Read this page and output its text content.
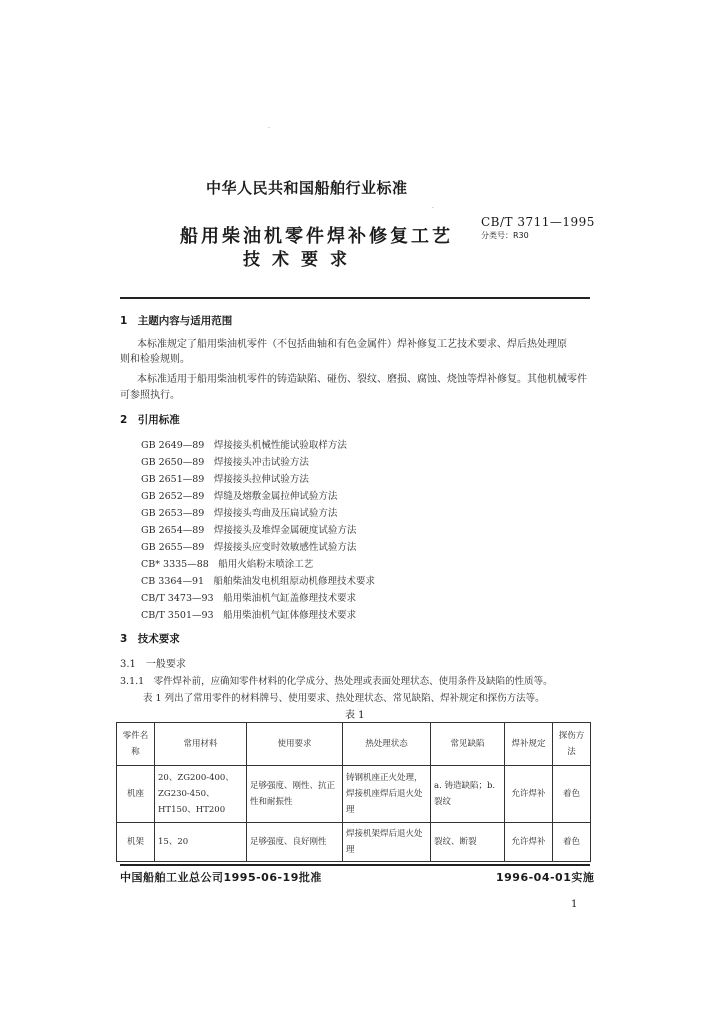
·
·
中华人民共和国船舶行业标准
船用柴油机零件焊补修复工艺
技术要求
CB/T 3711—1995
分类号：R30
1　主题内容与适用范围
本标准规定了船用柴油机零件（不包括曲轴和有色金属件）焊补修复工艺技术要求、焊后热处理原
则和检验规则。
本标准适用于船用柴油机零件的铸造缺陷、碰伤、裂纹、磨损、腐蚀、烧蚀等焊补修复。其他机械零件
可参照执行。
2　引用标准
GB 2649—89　焊接接头机械性能试验取样方法
GB 2650—89　焊接接头冲击试验方法
GB 2651—89　焊接接头拉伸试验方法
GB 2652—89　焊缝及熔敷金属拉伸试验方法
GB 2653—89　焊接接头弯曲及压扁试验方法
GB 2654—89　焊接接头及堆焊金属硬度试验方法
GB 2655—89　焊接接头应变时效敏感性试验方法
CB* 3335—88　船用火焰粉末喷涂工艺
CB 3364—91　船舶柴油发电机组原动机修理技术要求
CB/T 3473—93　船用柴油机气缸盖修理技术要求
CB/T 3501—93　船用柴油机气缸体修理技术要求
3　技术要求
3.1　一般要求
3.1.1　零件焊补前，应确知零件材料的化学成分、热处理或表面处理状态、使用条件及缺陷的性质等。
表 1 列出了常用零件的材料牌号、使用要求、热处理状态、常见缺陷、焊补规定和探伤方法等。
表 1
零件名称	常用材料	使用要求	热处理状态	常见缺陷	焊补规定	探伤方法
机座	20、ZG200-400、ZG230-450、HT150、HT200	足够强度、刚性、抗正性和耐振性	铸钢机座正火处理，焊接机座焊后退火处理	a. 铸造缺陷；b. 裂纹	允许焊补	着色
机架	15、20	足够强度、良好刚性	焊接机架焊后退火处理	裂纹、断裂	允许焊补	着色
中国船舶工业总公司1995-06-19批准	1996-04-01实施
1
